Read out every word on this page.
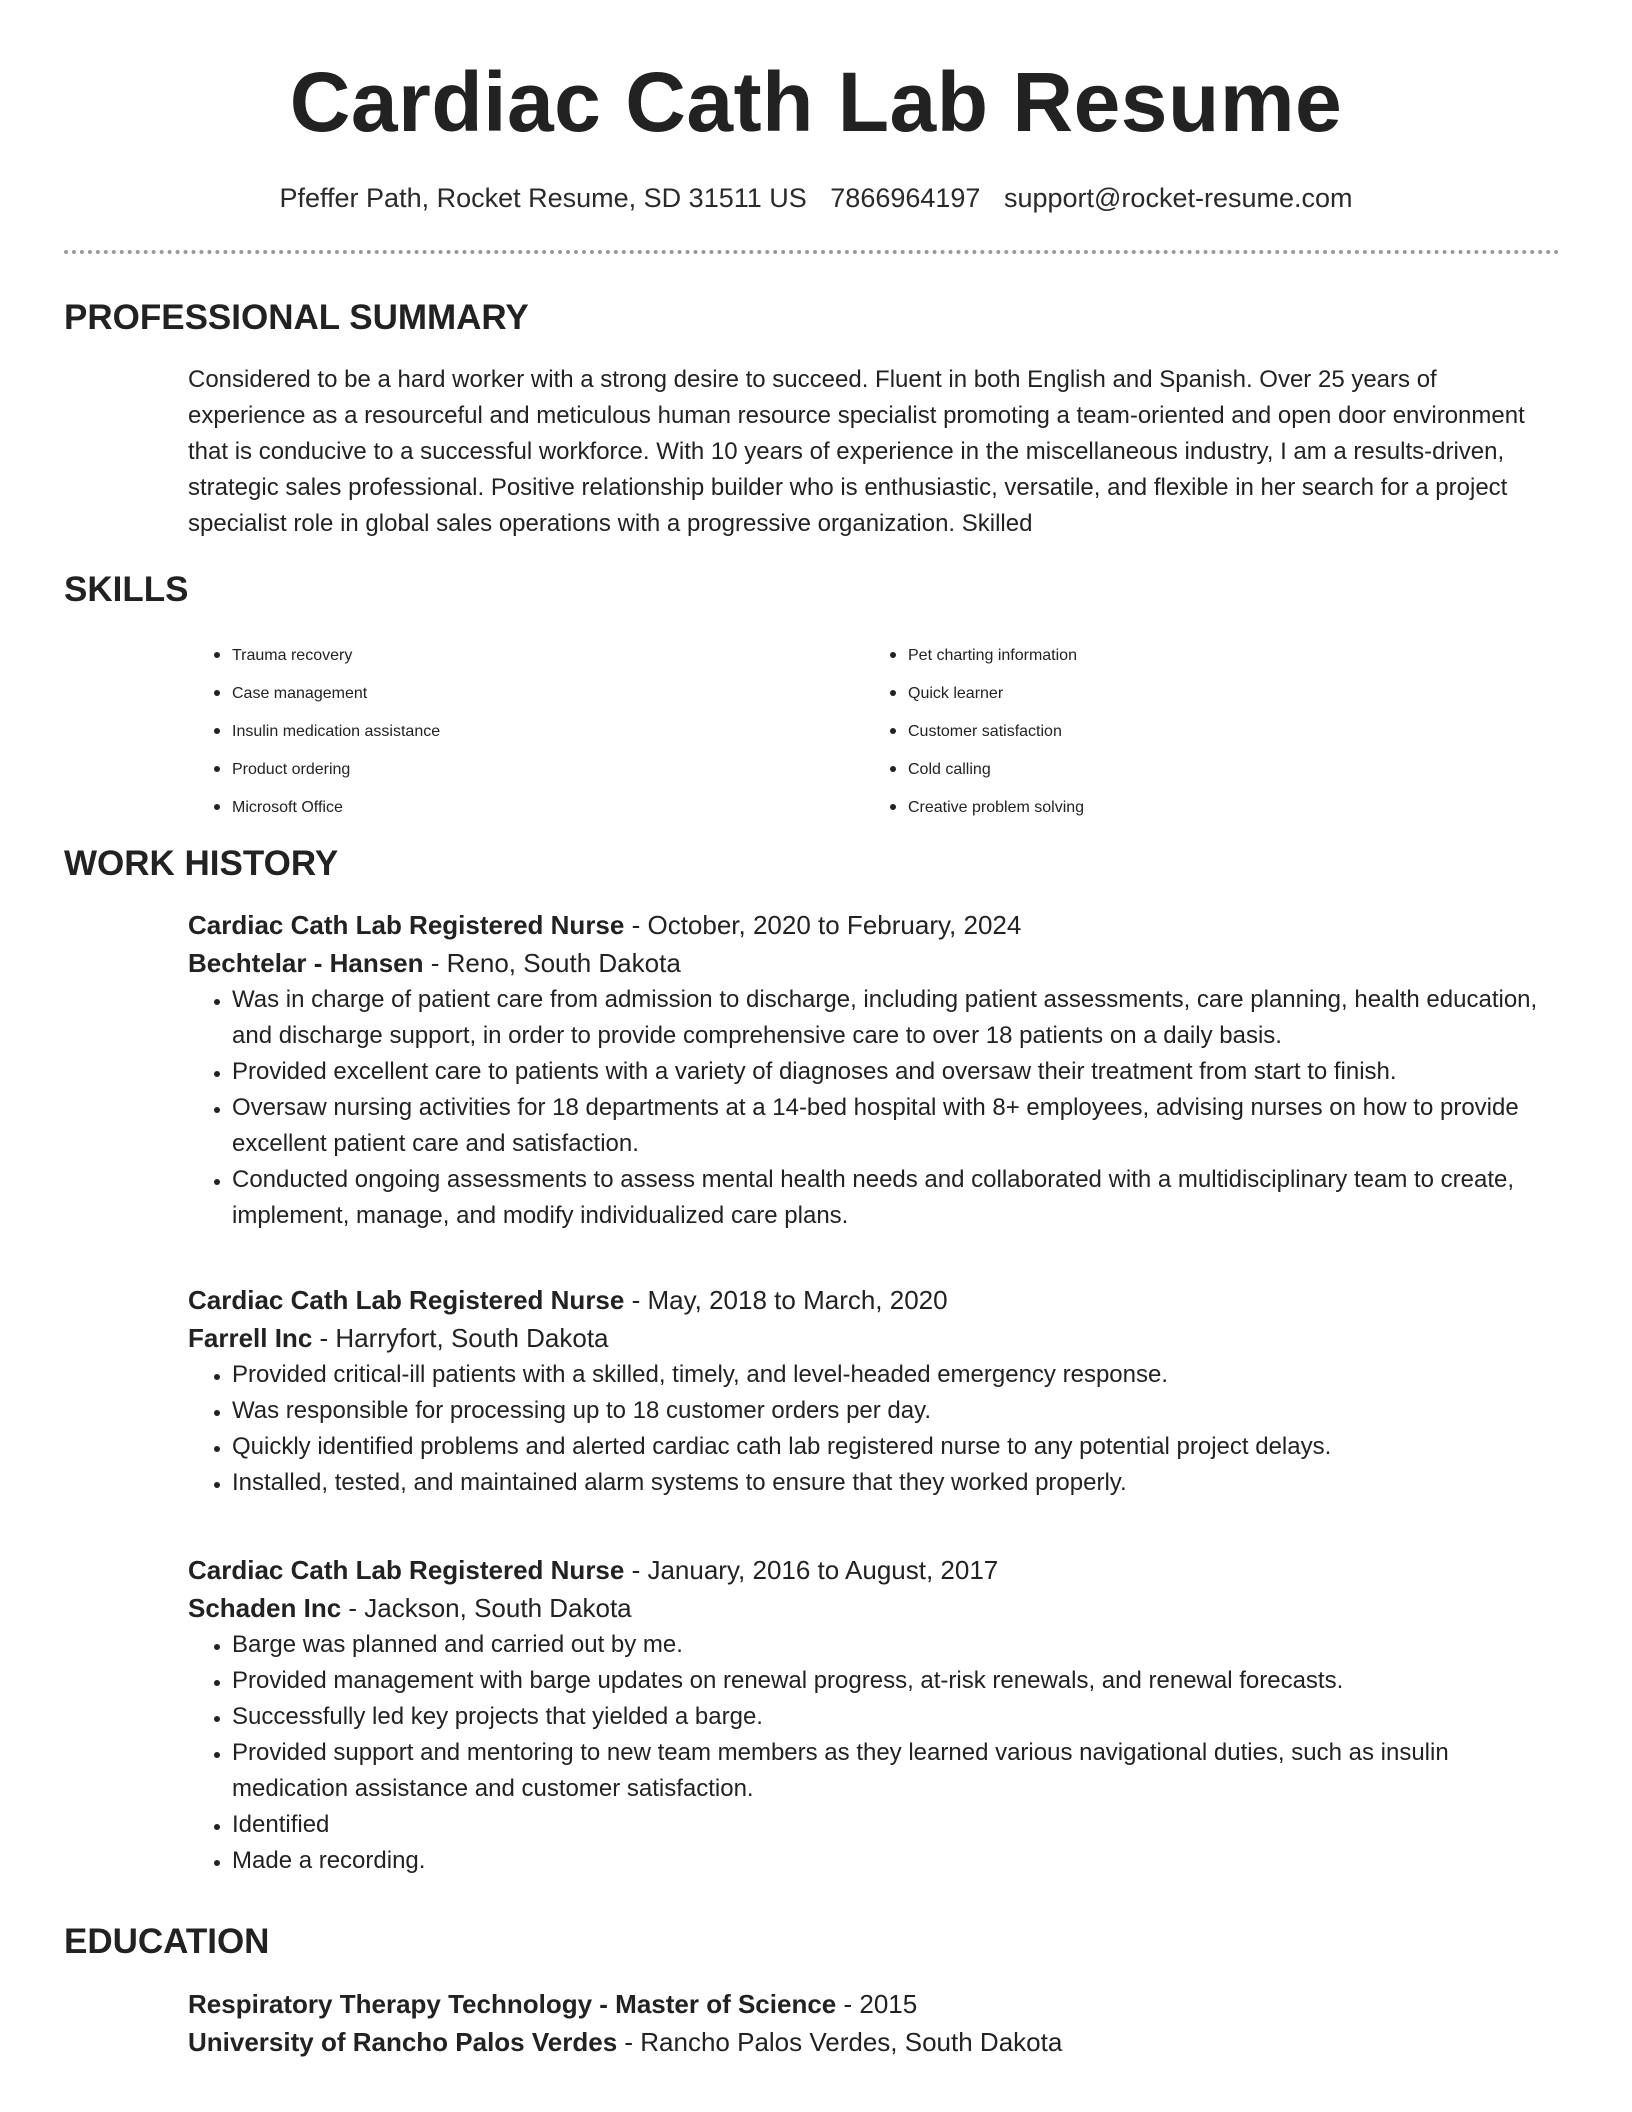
Cardiac Cath Lab Resume
Pfeffer Path, Rocket Resume, SD 31511 US 7866964197 support@rocket-resume.com
PROFESSIONAL SUMMARY

Considered to be a hard worker with a strong desire to succeed. Fluent in both English and Spanish. Over 25 years of experience as a resourceful and meticulous human resource specialist promoting a team-oriented and open door environment that is conducive to a successful workforce. With 10 years of experience in the miscellaneous industry, I am a results-driven, strategic sales professional. Positive relationship builder who is enthusiastic, versatile, and flexible in her search for a project specialist role in global sales operations with a progressive organization. Skilled

SKILLS
• Trauma recovery
• Case management
• Insulin medication assistance
• Product ordering
• Microsoft Office
• Pet charting information
• Quick learner
• Customer satisfaction
• Cold calling
• Creative problem solving
WORK HISTORY
Cardiac Cath Lab Registered Nurse - October, 2020 to February, 2024
Bechtelar - Hansen - Reno, South Dakota
• Was in charge of patient care from admission to discharge, including patient assessments, care planning, health education, and discharge support, in order to provide comprehensive care to over 18 patients on a daily basis.
• Provided excellent care to patients with a variety of diagnoses and oversaw their treatment from start to finish.
• Oversaw nursing activities for 18 departments at a 14-bed hospital with 8+ employees, advising nurses on how to provide excellent patient care and satisfaction.
• Conducted ongoing assessments to assess mental health needs and collaborated with a multidisciplinary team to create, implement, manage, and modify individualized care plans.
Cardiac Cath Lab Registered Nurse - May, 2018 to March, 2020
Farrell Inc - Harryfort, South Dakota
• Provided critical-ill patients with a skilled, timely, and level-headed emergency response.
• Was responsible for processing up to 18 customer orders per day.
• Quickly identified problems and alerted cardiac cath lab registered nurse to any potential project delays.
• Installed, tested, and maintained alarm systems to ensure that they worked properly.
Cardiac Cath Lab Registered Nurse - January, 2016 to August, 2017
Schaden Inc - Jackson, South Dakota
• Barge was planned and carried out by me.
• Provided management with barge updates on renewal progress, at-risk renewals, and renewal forecasts.
• Successfully led key projects that yielded a barge.
• Provided support and mentoring to new team members as they learned various navigational duties, such as insulin medication assistance and customer satisfaction.
• Identified
• Made a recording.
EDUCATION
Respiratory Therapy Technology - Master of Science - 2015
University of Rancho Palos Verdes - Rancho Palos Verdes, South Dakota
